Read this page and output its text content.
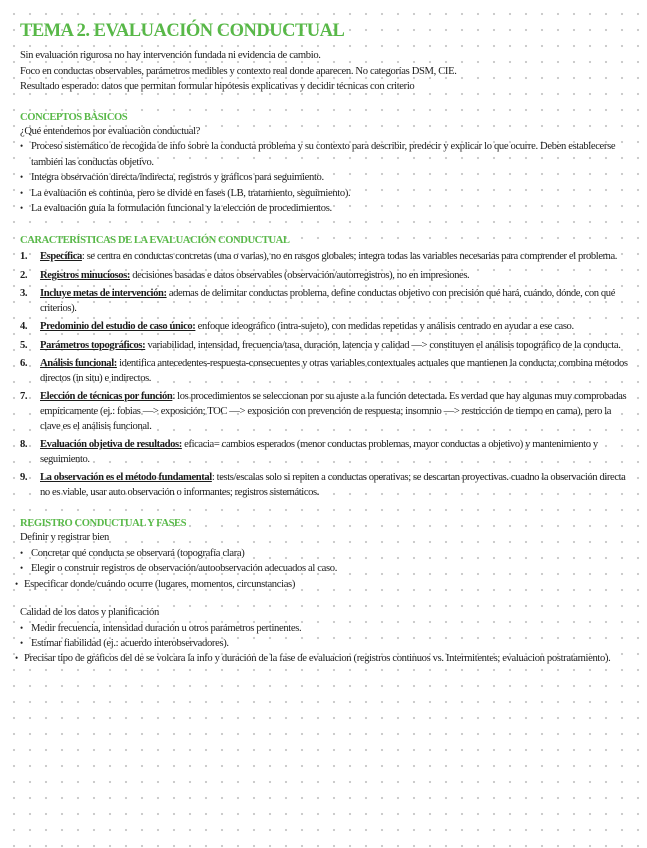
TEMA 2. EVALUACIÓN CONDUCTUAL
Sin evaluación rigurosa no hay intervención fundada ni evidencia de cambio.
Foco en conductas observables, parámetros medibles y contexto real donde aparecen. No categorías DSM, CIE.
Resultado esperado: datos que permitan formular hipótesis explicativas y decidir técnicas con criterio
CONCEPTOS BÁSICOS
¿Qué entendemos por evaluación conductual?
• Proceso sistemático de recogida de info sobre la conducta problema y su contexto para describir, predecir y explicar lo que ocurre. Deben establecerse también las conductas objetivo.
• Integra observación directa/indirecta, registros y gráficos para seguimiento.
• La evaluación es continua, pero se divide en fases (LB, tratamiento, seguimiento).
• La evaluación guía la formulación funcional y la elección de procedimientos.
CARACTERÍSTICAS DE LA EVALUACIÓN CONDUCTUAL
1. Específica: se centra en conductas concretas (una o varias), no en rasgos globales; integra todas las variables necesarias para comprender el problema.
2. Registros minuciosos: decisiones basadas e datos observables (observación/autorregistros), no en impresiones.
3. Incluye metas de intervención: ademas de delimitar conductas problema, define conductas objetivo con precisión qué hará, cuándo, dónde, con qué criterios).
4. Predominio del estudio de caso único: enfoque ideográfico (intra-sujeto), con medidas repetidas y análisis centrado en ayudar a ese caso.
5. Parámetros topográficos: variabilidad, intensidad, frecuencia/tasa, duración, latencia y calidad —> constituyen el análisis topográfico de la conducta.
6. Análisis funcional: identifica antecedentes-respuesta-consecuentes y otras variables contextuales actuales que mantienen la conducta; combina métodos directos (in situ) e indirectos.
7. Elección de técnicas por función: los procedimientos se seleccionan por su ajuste a la función detectada. Es verdad que hay algunas muy comprobadas empíricamente (ej.: fobias —> exposición; TOC —> exposición con prevención de respuesta; insomnio —> restricción de tiempo en cama), pero la clave es el análisis funcional.
8. Evaluación objetiva de resultados: eficacia= cambios esperados (menor conductas problemas, mayor conductas a objetivo) y mantenimiento y seguimiento.
9. La observación es el método fundamental: tests/escalas solo si repiten a conductas operativas; se descartan proyectivas. cuadno la observación directa no es viable, usar auto observación o informantes; registros sistemáticos.
REGISTRO CONDUCTUAL Y FASES
Definir y registrar bien
• Concretar qué conducta se observará (topografía clara)
• Elegir o construir registros de observación/autoobservación adecuados al caso.
• Especificar donde/cuándo ocurre (lugares, momentos, circunstancias)
Calidad de los datos y planificación
• Medir frecuencia, intensidad duración u otros parámetros pertinentes.
• Estimar fiabilidad (ej.: acuerdo interobservadores).
• Precisar tipo de gráficos del de se volcara la info y duración de la fase de evaluacion (registros continuos vs. Intermitentes; evaluacion postratamiento).
